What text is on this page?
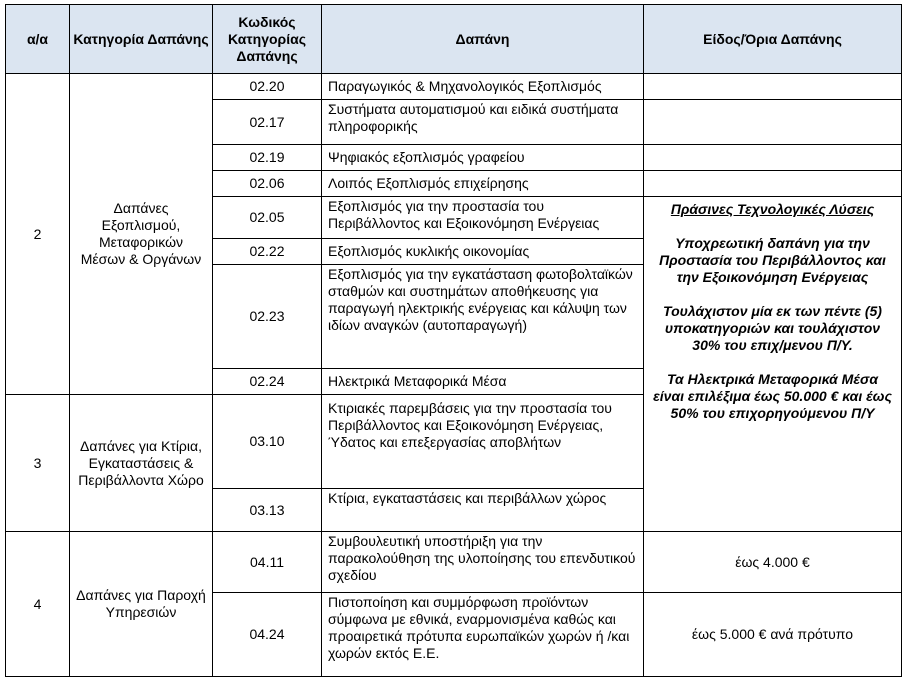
α/α	Κατηγορία Δαπάνης	Κωδικός Κατηγορίας Δαπάνης	Δαπάνη	Είδος/Όρια Δαπάνης	
2	Δαπάνες Εξοπλισμού, Μεταφορικών Μέσων & Οργάνων	02.20	Παραγωγικός & Μηχανολογικός Εξοπλισμός		
		02.17	Συστήματα αυτοματισμού και ειδικά συστήματα πληροφορικής		
		02.19	Ψηφιακός εξοπλισμός γραφείου		
		02.06	Λοιπός Εξοπλισμός επιχείρησης		
		02.05	Εξοπλισμός για την προστασία του Περιβάλλοντος και Εξοικονόμηση Ενέργειας	Πράσινες Τεχνολογικές Λύσεις
Υποχρεωτική δαπάνη για την Προστασία του Περιβάλλοντος και την Εξοικονόμηση Ενέργειας
Τουλάχιστον μία εκ των πέντε (5) υποκατηγοριών και τουλάχιστον 30% του επιχ/μενου Π/Υ.
Τα Ηλεκτρικά Μεταφορικά Μέσα είναι επιλέξιμα έως 50.000 € και έως 50% του επιχορηγούμενου Π/Υ	

		02.22	Εξοπλισμός κυκλικής οικονομίας		
		02.23	Εξοπλισμός για την εγκατάσταση φωτοβολταϊκών σταθμών και συστημάτων αποθήκευσης για παραγωγή ηλεκτρικής ενέργειας και κάλυψη των ιδίων αναγκών (αυτοπαραγωγή)		
		02.24	Ηλεκτρικά Μεταφορικά Μέσα		
3	Δαπάνες για Κτίρια, Εγκαταστάσεις & Περιβάλλοντα Χώρο	03.10	Κτιριακές παρεμβάσεις για την προστασία του Περιβάλλοντος και Εξοικονόμηση Ενέργειας, Ύδατος και επεξεργασίας αποβλήτων		
		03.13	Κτίρια, εγκαταστάσεις και περιβάλλων χώρος		
4	Δαπάνες για Παροχή Υπηρεσιών	04.11	Συμβουλευτική υποστήριξη για την παρακολούθηση της υλοποίησης του επενδυτικού σχεδίου	έως 4.000 €	
		04.24	Πιστοποίηση και συμμόρφωση προϊόντων σύμφωνα με εθνικά, εναρμονισμένα καθώς και προαιρετικά πρότυπα ευρωπαϊκών χωρών ή /και χωρών εκτός Ε.Ε.	έως 5.000 € ανά πρότυπο	
